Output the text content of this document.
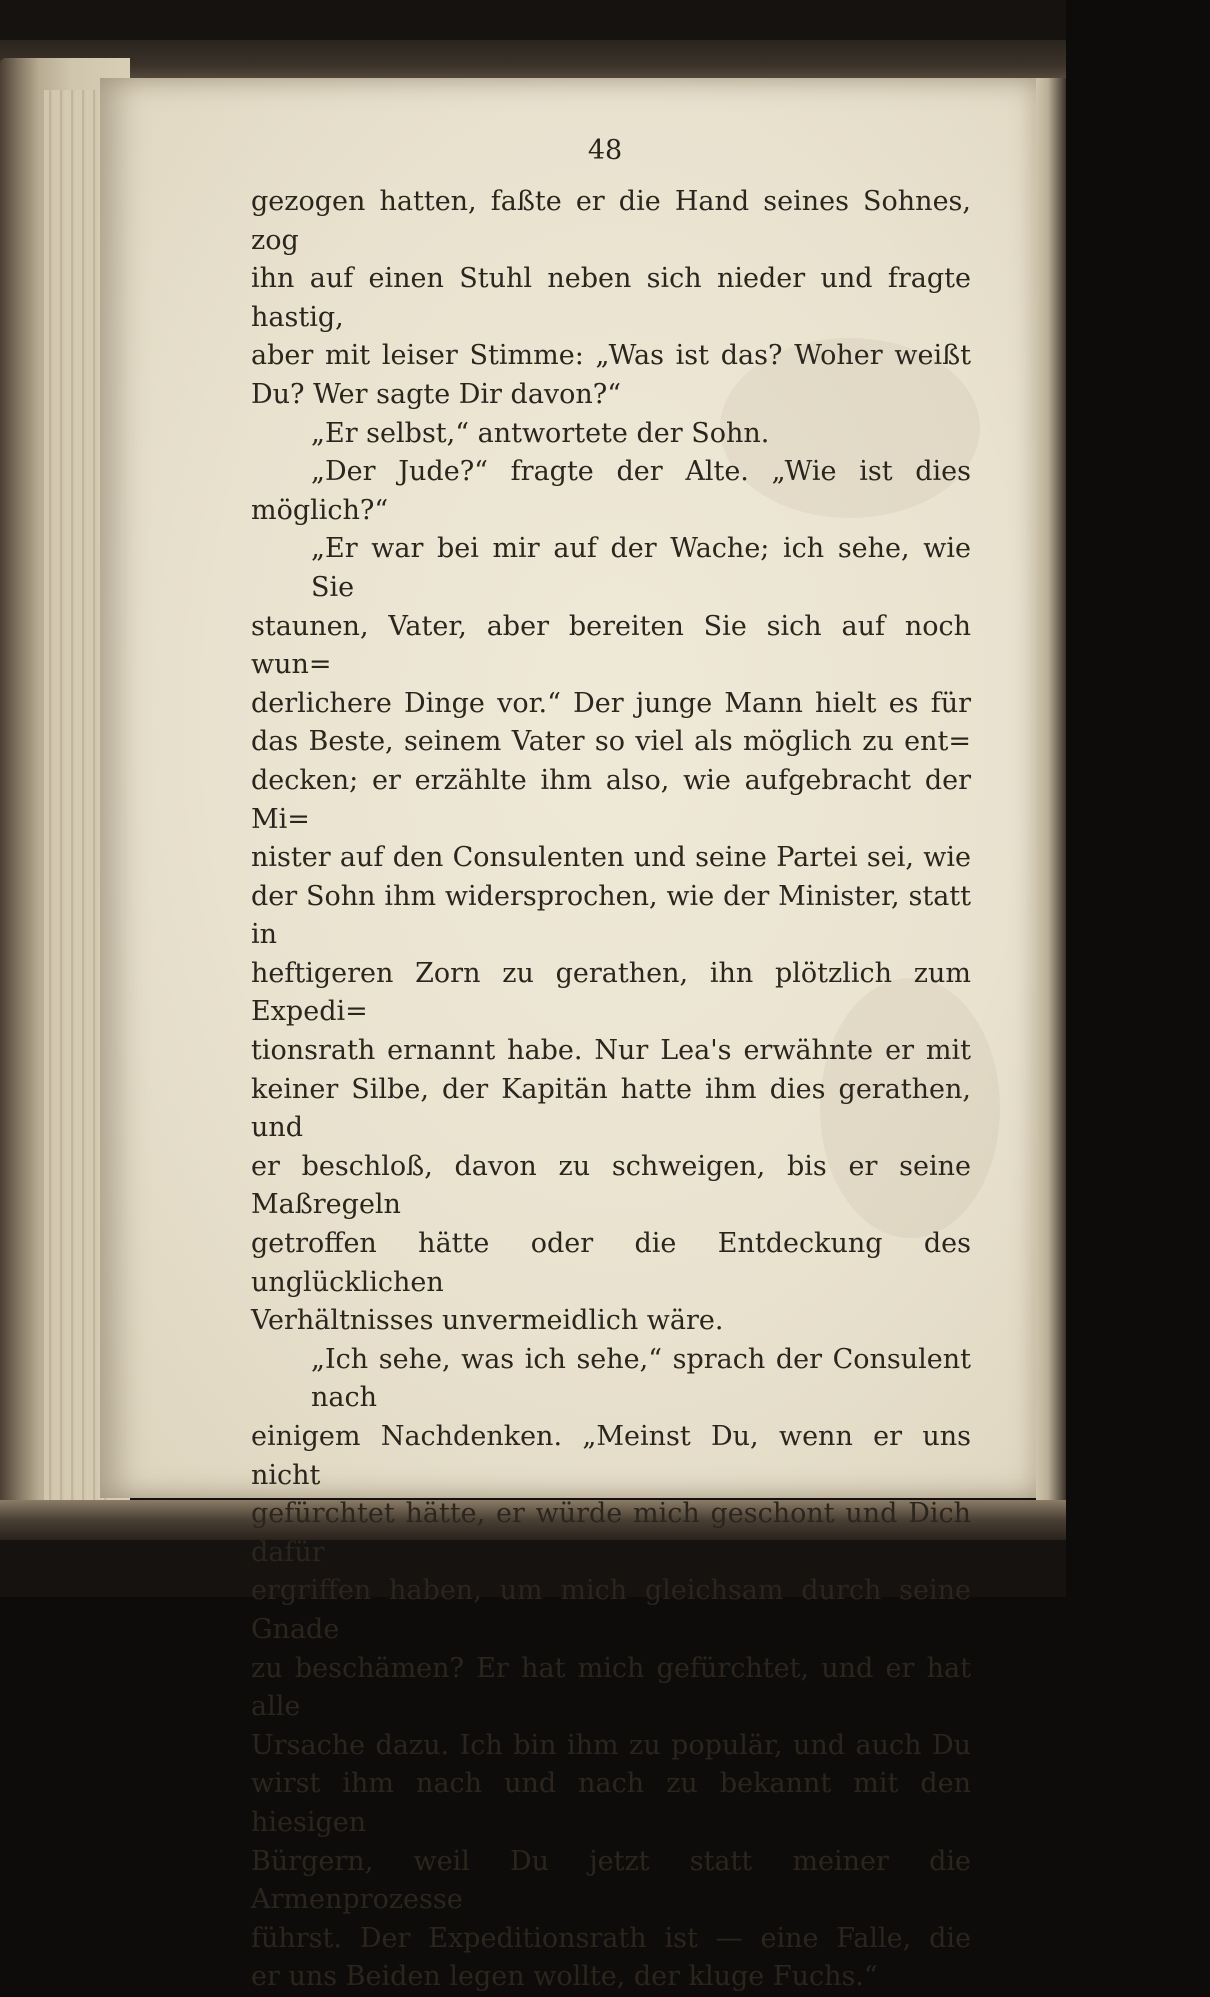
48

gezogen hatten, faßte er die Hand seines Sohnes, zog

ihn auf einen Stuhl neben sich nieder und fragte hastig,

aber mit leiser Stimme: „Was ist das? Woher weißt

Du? Wer sagte Dir davon?“

„Er selbst,“ antwortete der Sohn.

„Der Jude?“ fragte der Alte. „Wie ist dies

möglich?“

„Er war bei mir auf der Wache; ich sehe, wie Sie

staunen, Vater, aber bereiten Sie sich auf noch wun=

derlichere Dinge vor.“ Der junge Mann hielt es für

das Beste, seinem Vater so viel als möglich zu ent=

decken; er erzählte ihm also, wie aufgebracht der Mi=

nister auf den Consulenten und seine Partei sei, wie

der Sohn ihm widersprochen, wie der Minister, statt in

heftigeren Zorn zu gerathen, ihn plötzlich zum Expedi=

tionsrath ernannt habe. Nur Lea's erwähnte er mit

keiner Silbe, der Kapitän hatte ihm dies gerathen, und

er beschloß, davon zu schweigen, bis er seine Maßregeln

getroffen hätte oder die Entdeckung des unglücklichen

Verhältnisses unvermeidlich wäre.

„Ich sehe, was ich sehe,“ sprach der Consulent nach

einigem Nachdenken. „Meinst Du, wenn er uns nicht

gefürchtet hätte, er würde mich geschont und Dich dafür

ergriffen haben, um mich gleichsam durch seine Gnade

zu beschämen? Er hat mich gefürchtet, und er hat alle

Ursache dazu. Ich bin ihm zu populär, und auch Du

wirst ihm nach und nach zu bekannt mit den hiesigen

Bürgern, weil Du jetzt statt meiner die Armenprozesse

führst. Der Expeditionsrath ist — eine Falle, die

er uns Beiden legen wollte, der kluge Fuchs.“
